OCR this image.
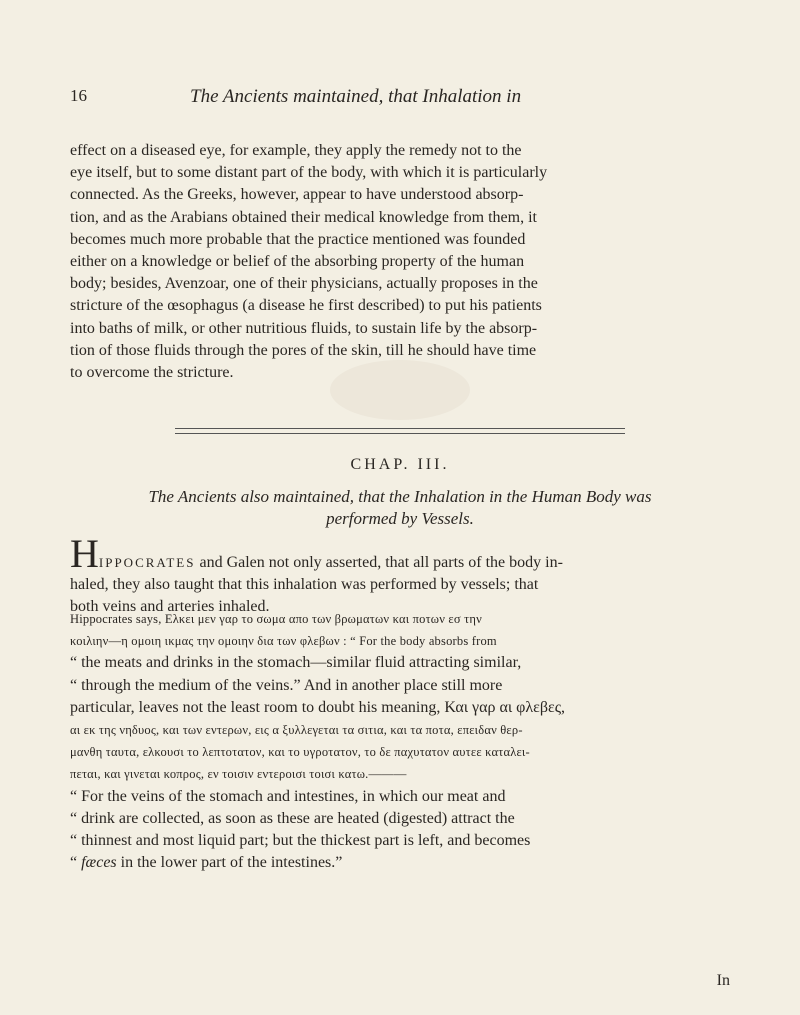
16	The Ancients maintained, that Inhalation in
effect on a diseased eye, for example, they apply the remedy not to the
eye itself, but to some distant part of the body, with which it is particularly
connected. As the Greeks, however, appear to have understood absorp-
tion, and as the Arabians obtained their medical knowledge from them, it
becomes much more probable that the practice mentioned was founded
either on a knowledge or belief of the absorbing property of the human
body; besides, Avenzoar, one of their physicians, actually proposes in the
stricture of the œsophagus (a disease he first described) to put his patients
into baths of milk, or other nutritious fluids, to sustain life by the absorp-
tion of those fluids through the pores of the skin, till he should have time
to overcome the stricture.
CHAP. III.
The Ancients also maintained, that the Inhalation in the Human Body was
performed by Vessels.
HIPPOCRATES and Galen not only asserted, that all parts of the body in-
haled, they also taught that this inhalation was performed by vessels; that
both veins and arteries inhaled.
Hippocrates says, Ελκει μεν γαρ το σωμα απο των βρωματων και ποτων εσ την
κοιλιην—η ομοιη ικμας την ομοιην δια των φλεβων : “ For the body absorbs from
“ the meats and drinks in the stomach—similar fluid attracting similar,
“ through the medium of the veins.” And in another place still more
particular, leaves not the least room to doubt his meaning, Και γαρ αι φλεβες,
αι εκ της νηδυος, και των εντερων, εις α ξυλλεγεται τα σιτια, και τα ποτα, επειδαν θερ-
μανθη ταυτα, ελκουσι το λεπτοτατον, και το υγροτατον, το δε παχυτατον αυτεε καταλει-
πεται, και γινεται κοπρος, εν τοισιν εντεροισι τοισι κατω.———
“ For the veins of the stomach and intestines, in which our meat and
“ drink are collected, as soon as these are heated (digested) attract the
“ thinnest and most liquid part; but the thickest part is left, and becomes
“ fæces in the lower part of the intestines.”
In
